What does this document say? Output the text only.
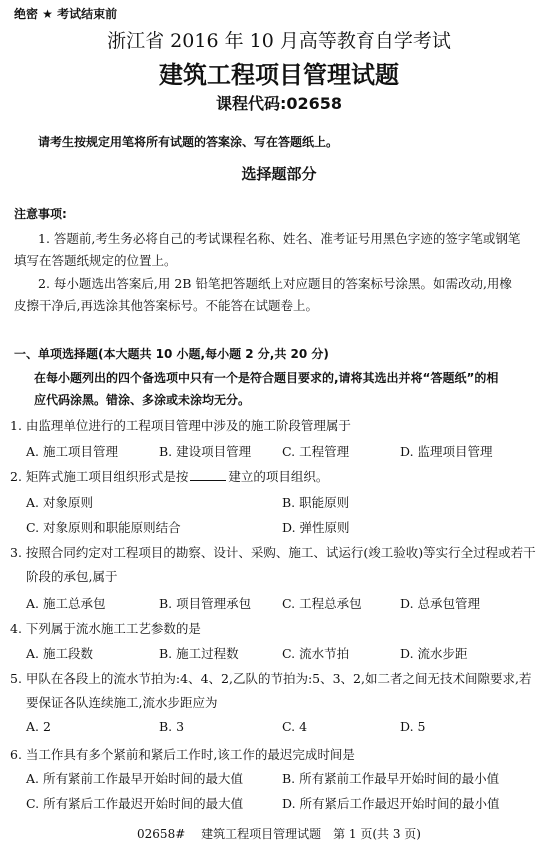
绝密 ★ 考试结束前
浙江省 2016 年 10 月高等教育自学考试
建筑工程项目管理试题
课程代码:02658
请考生按规定用笔将所有试题的答案涂、写在答题纸上。
选择题部分
注意事项:
1. 答题前,考生务必将自己的考试课程名称、姓名、准考证号用黑色字迹的签字笔或钢笔
填写在答题纸规定的位置上。
2. 每小题选出答案后,用 2B 铅笔把答题纸上对应题目的答案标号涂黑。如需改动,用橡
皮擦干净后,再选涂其他答案标号。不能答在试题卷上。
一、单项选择题(本大题共 10 小题,每小题 2 分,共 20 分)
在每小题列出的四个备选项中只有一个是符合题目要求的,请将其选出并将“答题纸”的相
应代码涂黑。错涂、多涂或未涂均无分。
1. 由监理单位进行的工程项目管理中涉及的施工阶段管理属于
A. 施工项目管理	B. 建设项目管理 C. 工程管理	D. 监理项目管理
2. 矩阵式施工项目组织形式是按	建立的项目组织。
A. 对象原则	B. 职能原则
C. 对象原则和职能原则结合	D. 弹性原则
3. 按照合同约定对工程项目的勘察、设计、采购、施工、试运行(竣工验收)等实行全过程或若干
阶段的承包,属于
A. 施工总承包	B. 项目管理承包 C. 工程总承包	D. 总承包管理
4. 下列属于流水施工工艺参数的是
A. 施工段数	B. 施工过程数	C. 流水节拍	D. 流水步距
5. 甲队在各段上的流水节拍为:4、4、2,乙队的节拍为:5、3、2,如二者之间无技术间隙要求,若
要保证各队连续施工,流水步距应为
A. 2	B. 3	C. 4	D. 5
6. 当工作具有多个紧前和紧后工作时,该工作的最迟完成时间是
A. 所有紧前工作最早开始时间的最大值	B. 所有紧前工作最早开始时间的最小值
C. 所有紧后工作最迟开始时间的最大值	D. 所有紧后工作最迟开始时间的最小值
02658#　 建筑工程项目管理试题　第 1 页(共 3 页)
